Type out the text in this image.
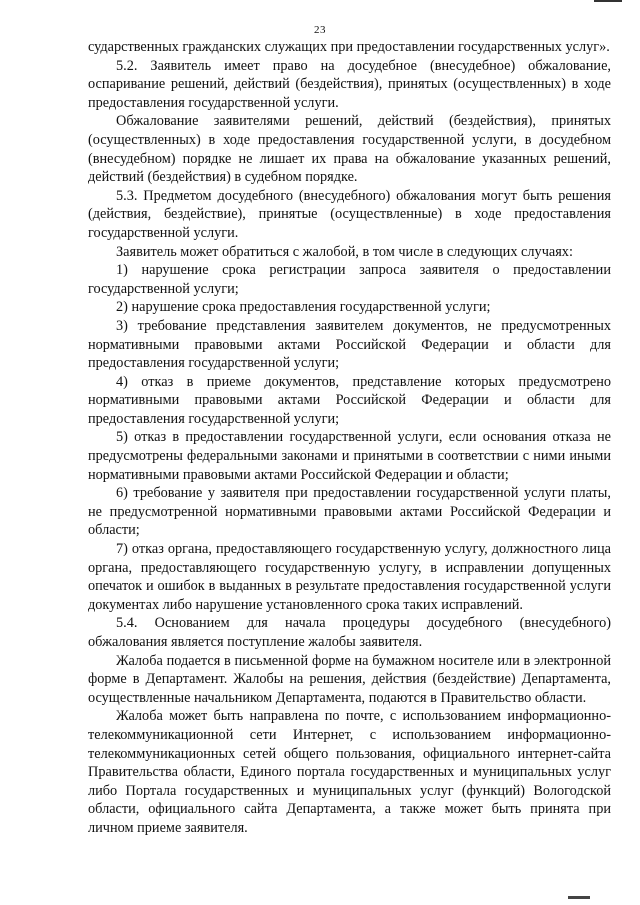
23

сударственных гражданских служащих при предоставлении государственных услуг».

5.2. Заявитель имеет право на досудебное (внесудебное) обжалование, оспаривание решений, действий (бездействия), принятых (осуществленных) в ходе предоставления государственной услуги.

Обжалование заявителями решений, действий (бездействия), принятых (осуществленных) в ходе предоставления государственной услуги, в досудебном (внесудебном) порядке не лишает их права на обжалование указанных решений, действий (бездействия) в судебном порядке.

5.3. Предметом досудебного (внесудебного) обжалования могут быть решения (действия, бездействие), принятые (осуществленные) в ходе предоставления государственной услуги.

Заявитель может обратиться с жалобой, в том числе в следующих случаях:

1) нарушение срока регистрации запроса заявителя о предоставлении государственной услуги;

2) нарушение срока предоставления государственной услуги;

3) требование представления заявителем документов, не предусмотренных нормативными правовыми актами Российской Федерации и области для предоставления государственной услуги;

4) отказ в приеме документов, представление которых предусмотрено нормативными правовыми актами Российской Федерации и области для предоставления государственной услуги;

5) отказ в предоставлении государственной услуги, если основания отказа не предусмотрены федеральными законами и принятыми в соответствии с ними иными нормативными правовыми актами Российской Федерации и области;

6) требование у заявителя при предоставлении государственной услуги платы, не предусмотренной нормативными правовыми актами Российской Федерации и области;

7) отказ органа, предоставляющего государственную услугу, должностного лица органа, предоставляющего государственную услугу, в исправлении допущенных опечаток и ошибок в выданных в результате предоставления государственной услуги документах либо нарушение установленного срока таких исправлений.

5.4. Основанием для начала процедуры досудебного (внесудебного) обжалования является поступление жалобы заявителя.

Жалоба подается в письменной форме на бумажном носителе или в электронной форме в Департамент. Жалобы на решения, действия (бездействие) Департамента, осуществленные начальником Департамента, подаются в Правительство области.

Жалоба может быть направлена по почте, с использованием информационно-телекоммуникационной сети Интернет, с использованием информационно-телекоммуникационных сетей общего пользования, официального интернет-сайта Правительства области, Единого портала государственных и муниципальных услуг либо Портала государственных и муниципальных услуг (функций) Вологодской области, официального сайта Департамента, а также может быть принята при личном приеме заявителя.
